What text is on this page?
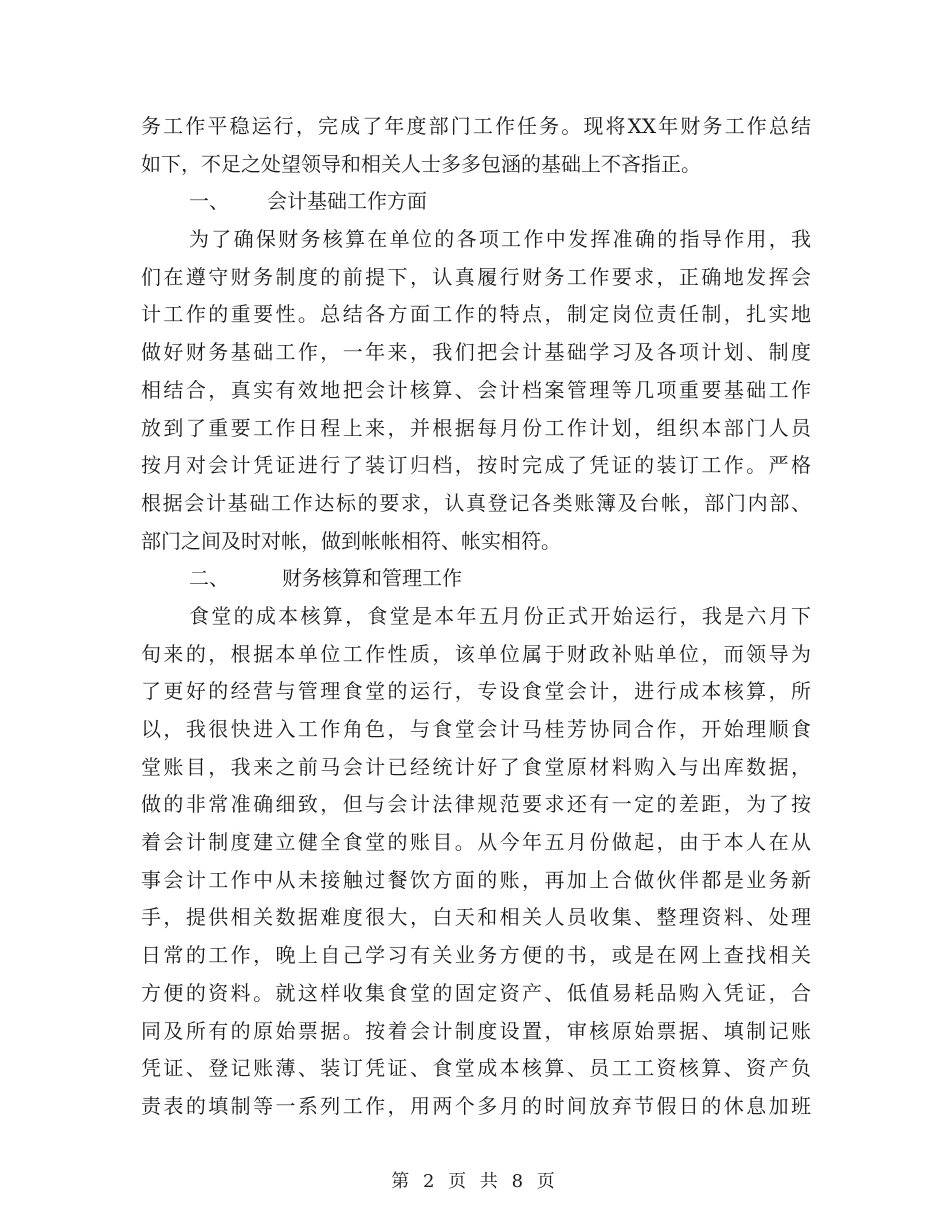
务工作平稳运行，完成了年度部门工作任务。现将XX年财务工作总结
如下，不足之处望领导和相关人士多多包涵的基础上不吝指正。
一、 会计基础工作方面
为了确保财务核算在单位的各项工作中发挥准确的指导作用，我
们在遵守财务制度的前提下，认真履行财务工作要求，正确地发挥会
计工作的重要性。总结各方面工作的特点，制定岗位责任制，扎实地
做好财务基础工作，一年来，我们把会计基础学习及各项计划、制度
相结合，真实有效地把会计核算、会计档案管理等几项重要基础工作
放到了重要工作日程上来，并根据每月份工作计划，组织本部门人员
按月对会计凭证进行了装订归档，按时完成了凭证的装订工作。严格
根据会计基础工作达标的要求，认真登记各类账簿及台帐，部门内部、
部门之间及时对帐，做到帐帐相符、帐实相符。
二、	财务核算和管理工作
食堂的成本核算，食堂是本年五月份正式开始运行，我是六月下
旬来的，根据本单位工作性质，该单位属于财政补贴单位，而领导为
了更好的经营与管理食堂的运行，专设食堂会计，进行成本核算，所
以，我很快进入工作角色，与食堂会计马桂芳协同合作，开始理顺食
堂账目，我来之前马会计已经统计好了食堂原材料购入与出库数据，
做的非常准确细致，但与会计法律规范要求还有一定的差距，为了按
着会计制度建立健全食堂的账目。从今年五月份做起，由于本人在从
事会计工作中从未接触过餐饮方面的账，再加上合做伙伴都是业务新
手，提供相关数据难度很大，白天和相关人员收集、整理资料、处理
日常的工作，晚上自己学习有关业务方便的书，或是在网上查找相关
方便的资料。就这样收集食堂的固定资产、低值易耗品购入凭证，合
同及所有的原始票据。按着会计制度设置，审核原始票据、填制记账
凭证、登记账薄、装订凭证、食堂成本核算、员工工资核算、资产负
责表的填制等一系列工作，用两个多月的时间放弃节假日的休息加班
第 2 页 共 8 页
